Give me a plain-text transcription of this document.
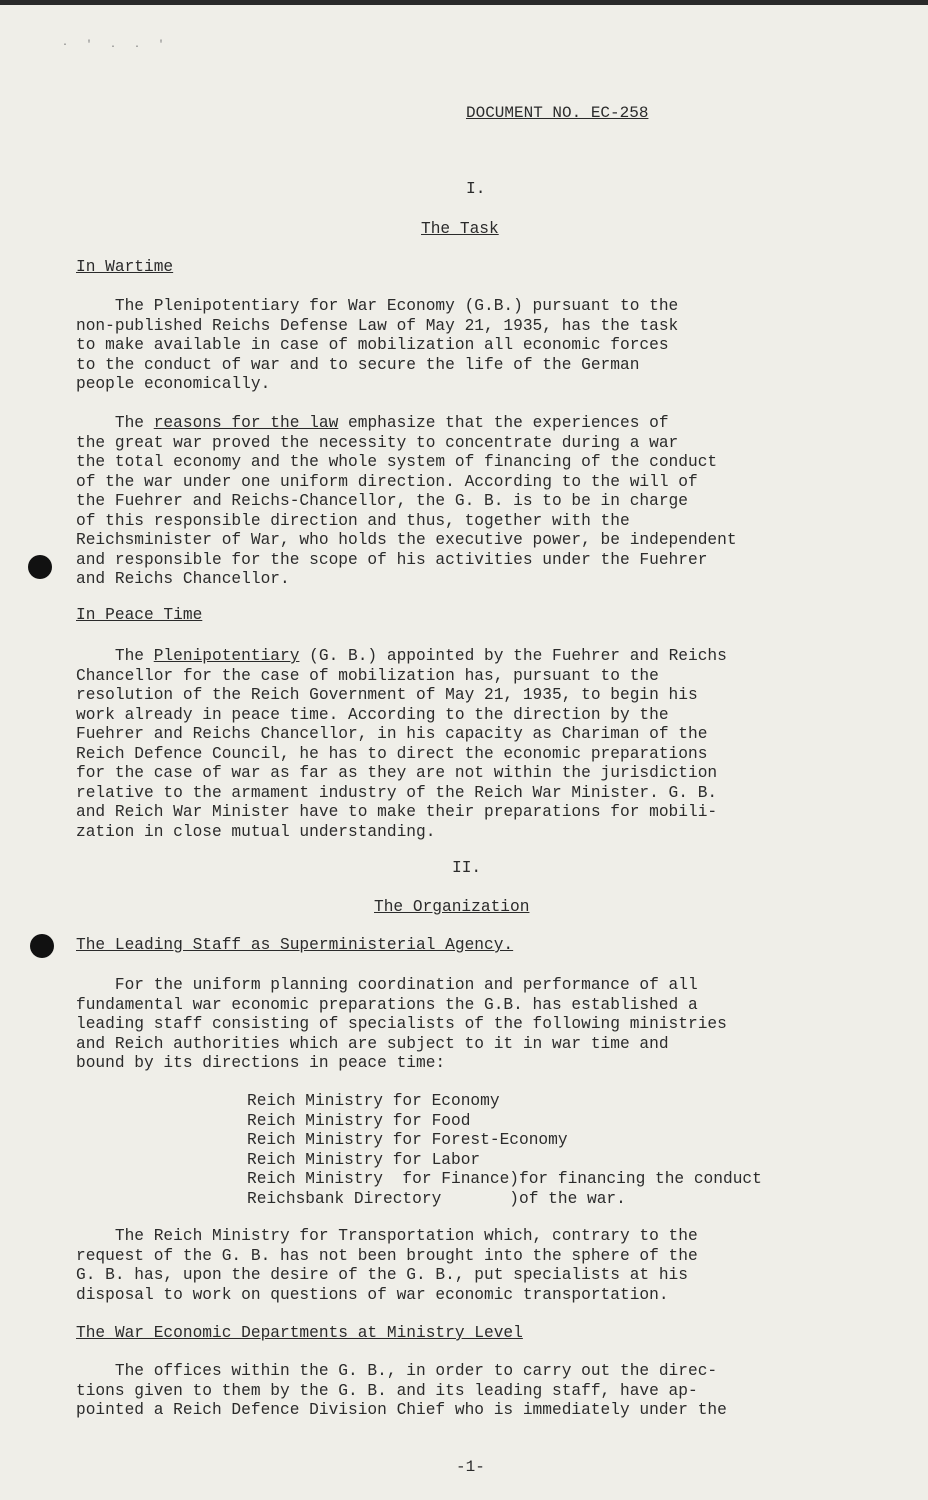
· ' . . '
DOCUMENT NO. EC-258
I.
The Task
In Wartime

The Plenipotentiary for War Economy (G.B.) pursuant to the
non-published Reichs Defense Law of May 21, 1935, has the task
to make available in case of mobilization all economic forces
to the conduct of war and to secure the life of the German
people economically.

The reasons for the law emphasize that the experiences of
the great war proved the necessity to concentrate during a war
the total economy and the whole system of financing of the conduct
of the war under one uniform direction. According to the will of
the Fuehrer and Reichs-Chancellor, the G. B. is to be in charge
of this responsible direction and thus, together with the
Reichsminister of War, who holds the executive power, be independent
and responsible for the scope of his activities under the Fuehrer
and Reichs Chancellor.

In Peace Time

The Plenipotentiary (G. B.) appointed by the Fuehrer and Reichs
Chancellor for the case of mobilization has, pursuant to the
resolution of the Reich Government of May 21, 1935, to begin his
work already in peace time. According to the direction by the
Fuehrer and Reichs Chancellor, in his capacity as Chariman of the
Reich Defence Council, he has to direct the economic preparations
for the case of war as far as they are not within the jurisdiction
relative to the armament industry of the Reich War Minister. G. B.
and Reich War Minister have to make their preparations for mobili-
zation in close mutual understanding.

II.
The Organization
The Leading Staff as Superministerial Agency.

For the uniform planning coordination and performance of all
fundamental war economic preparations the G.B. has established a
leading staff consisting of specialists of the following ministries
and Reich authorities which are subject to it in war time and
bound by its directions in peace time:

Reich Ministry for Economy
Reich Ministry for Food
Reich Ministry for Forest-Economy
Reich Ministry for Labor
Reich Ministry  for Finance)for financing the conduct
Reichsbank Directory       )of the war.

The Reich Ministry for Transportation which, contrary to the
request of the G. B. has not been brought into the sphere of the
G. B. has, upon the desire of the G. B., put specialists at his
disposal to work on questions of war economic transportation.

The War Economic Departments at Ministry Level

The offices within the G. B., in order to carry out the direc-
tions given to them by the G. B. and its leading staff, have ap-
pointed a Reich Defence Division Chief who is immediately under the

-1-
